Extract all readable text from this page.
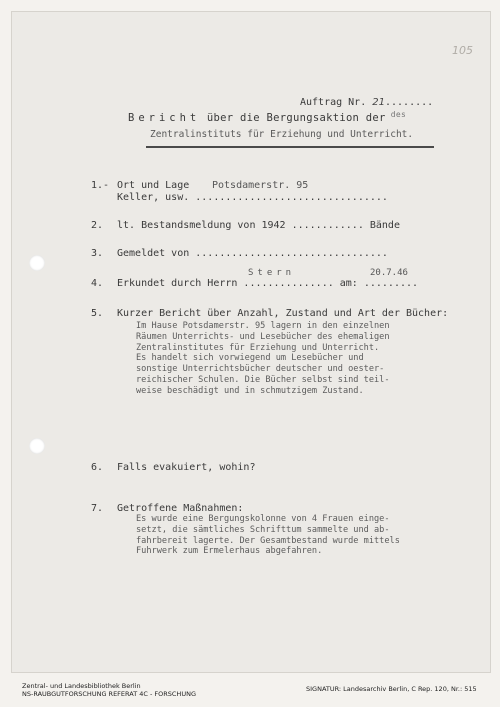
105
Auftrag Nr. 21........
Bericht über die Bergungsaktion der $^{des}$
Zentralinstituts für Erziehung und Unterricht.
1.- Ort und Lage Potsdamerstr. 95
Keller, usw. ................................
2. lt. Bestandsmeldung von 1942 ............ Bände
3. Gemeldet von ................................
Stern	20.7.46
4. Erkundet durch Herrn ............... am: .........
5. Kurzer Bericht über Anzahl, Zustand und Art der Bücher:
Im Hause Potsdamerstr. 95 lagern in den einzelnen
Räumen Unterrichts- und Lesebücher des ehemaligen
Zentralinstitutes für Erziehung und Unterricht.
Es handelt sich vorwiegend um Lesebücher und
sonstige Unterrichtsbücher deutscher und oester-
reichischer Schulen. Die Bücher selbst sind teil-
weise beschädigt und in schmutzigem Zustand.
6. Falls evakuiert, wohin?
7. Getroffene Maßnahmen:
Es wurde eine Bergungskolonne von 4 Frauen einge-
setzt, die sämtliches Schrifttum sammelte und ab-
fahrbereit lagerte. Der Gesamtbestand wurde mittels
Fuhrwerk zum Ermelerhaus abgefahren.
Zentral- und Landesbibliothek Berlin
NS-RAUBGUTFORSCHUNG REFERAT 4C - FORSCHUNG
SIGNATUR: Landesarchiv Berlin, C Rep. 120, Nr.: 515
